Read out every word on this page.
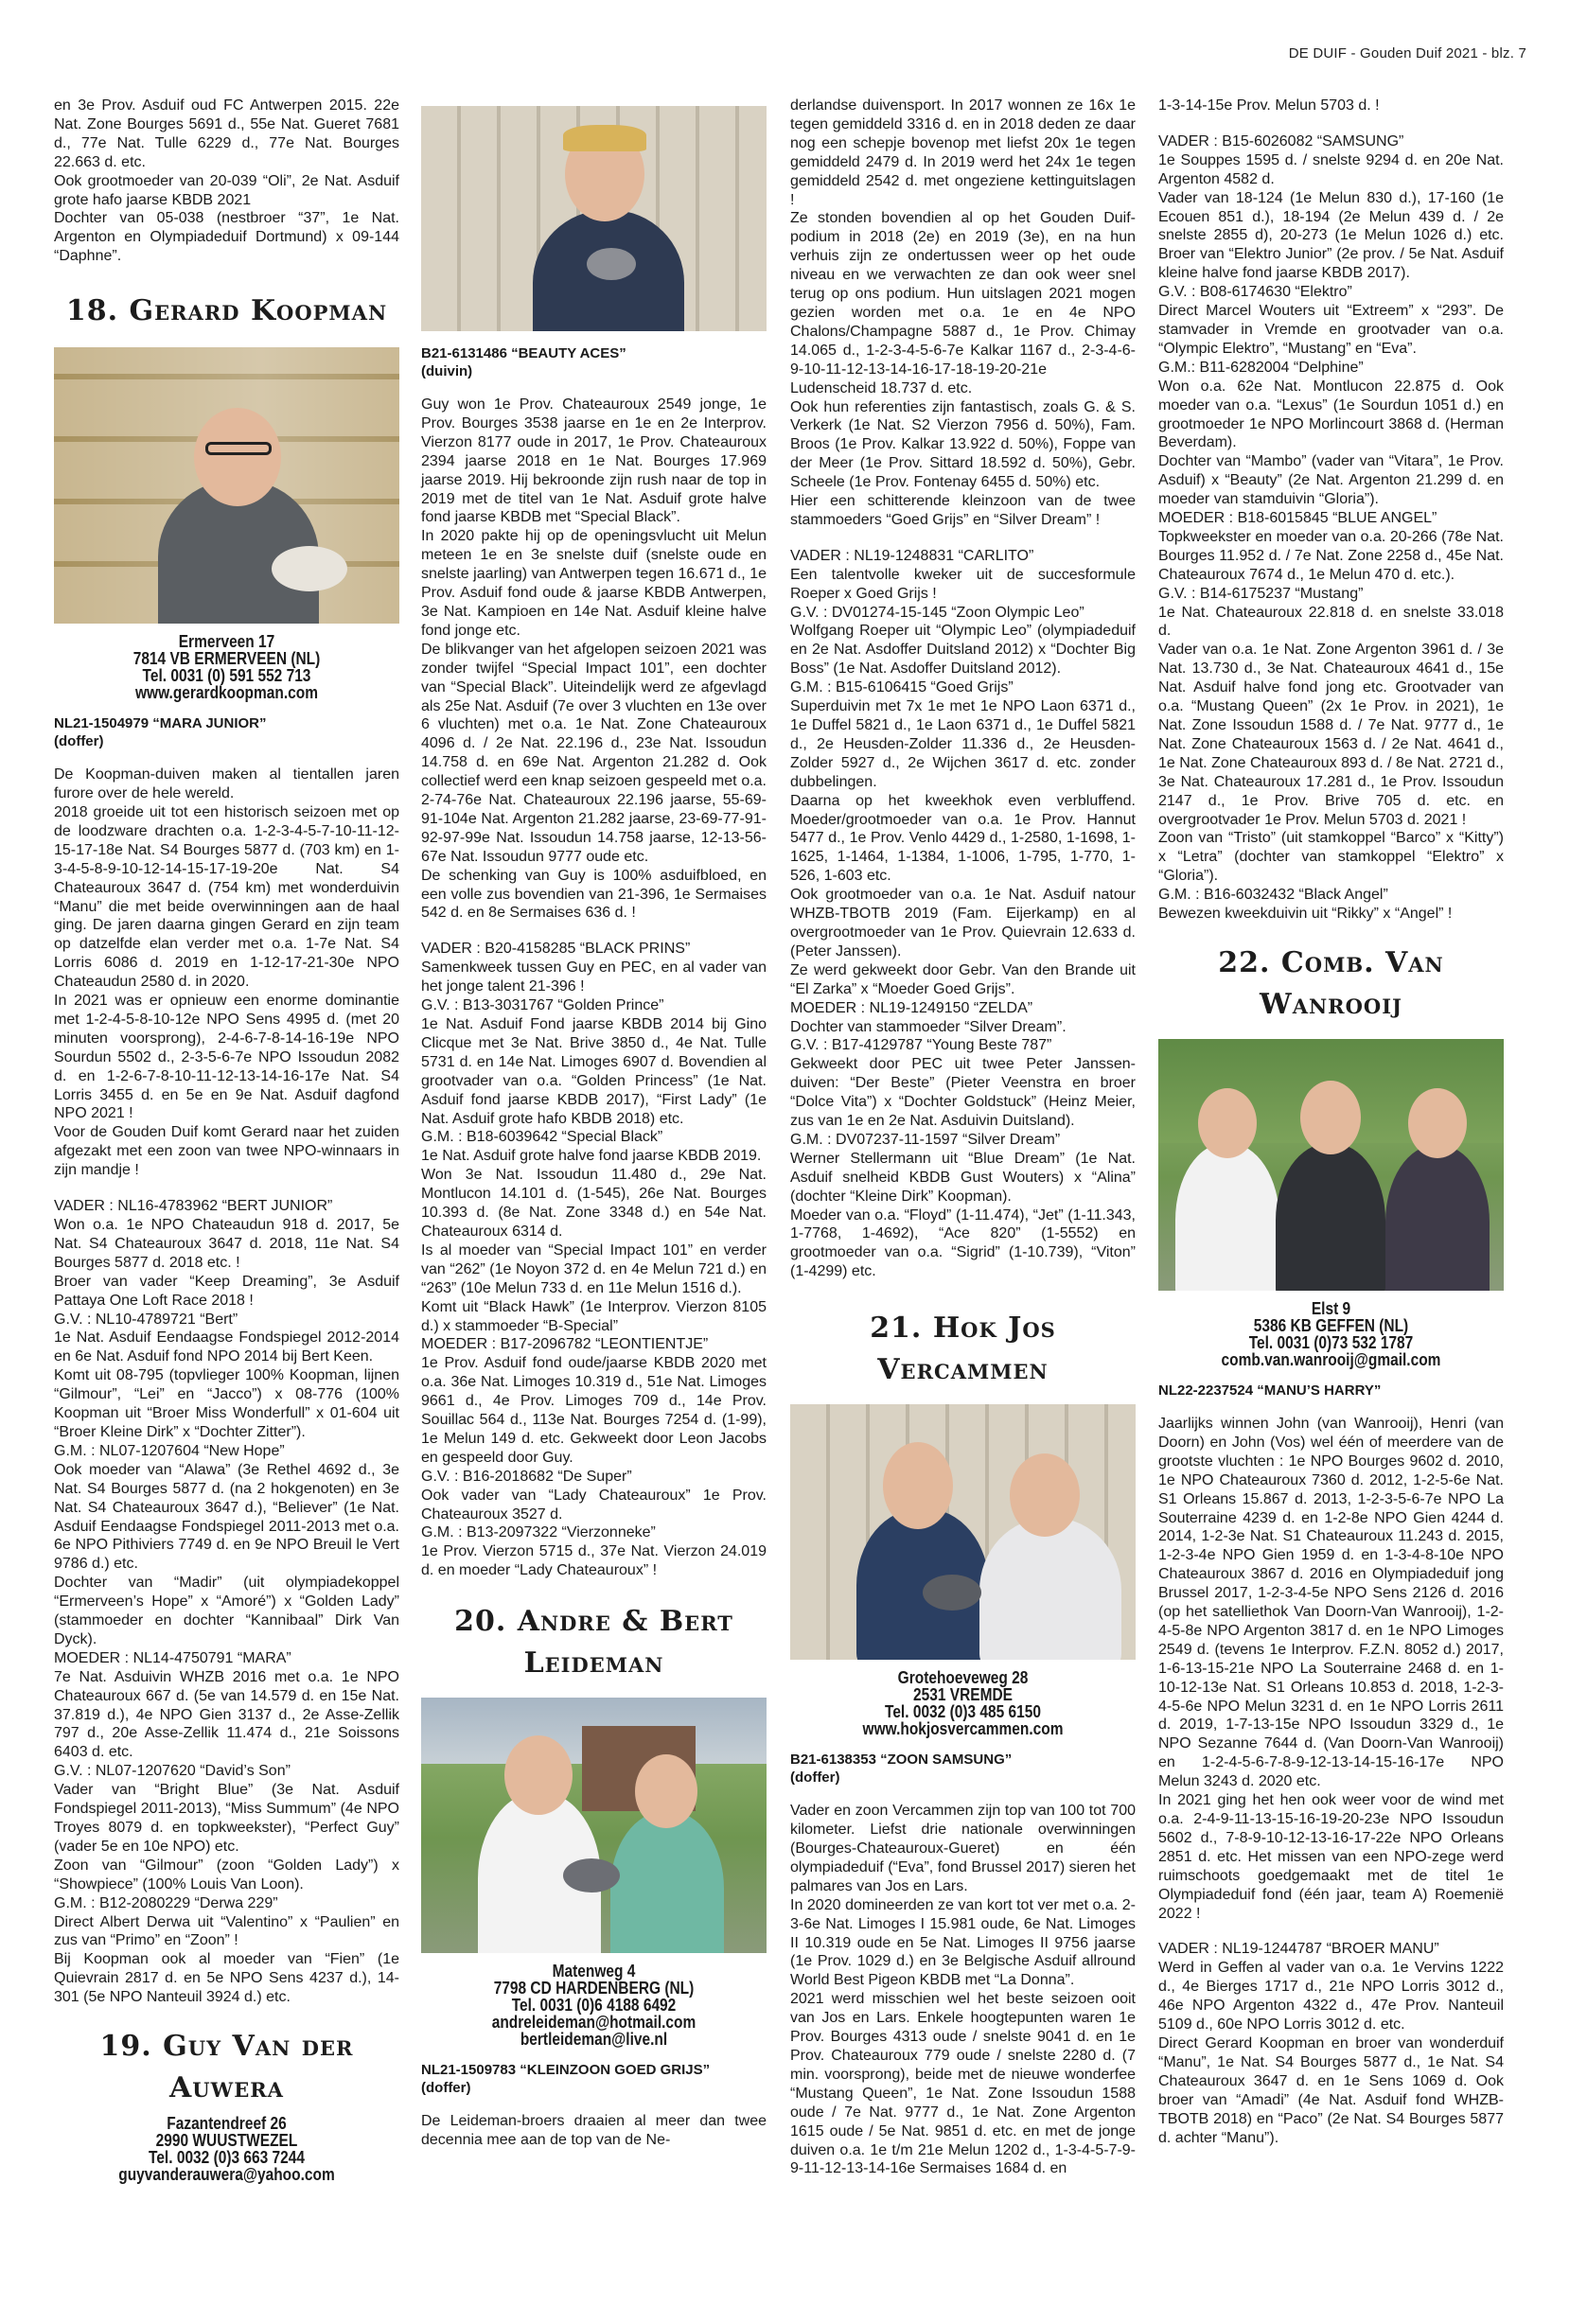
DE DUIF - Gouden Duif 2021 - blz. 7
en 3e Prov. Asduif oud FC Antwerpen 2015. 22e Nat. Zone Bourges 5691 d., 55e Nat. Gueret 7681 d., 77e Nat. Tulle 6229 d., 77e Nat. Bourges 22.663 d. etc.
Ook grootmoeder van 20-039 “Oli”, 2e Nat. Asduif grote hafo jaarse KBDB 2021
Dochter van 05-038 (nestbroer “37”, 1e Nat. Argenton en Olympiadeduif Dortmund) x 09-144 “Daphne”.
18. Gerard Koopman
Ermerveen 17
7814 VB ERMERVEEN (NL)
Tel. 0031 (0) 591 552 713
www.gerardkoopman.com
NL21-1504979 “MARA JUNIOR”
(doffer)
De Koopman-duiven maken al tientallen jaren furore over de hele wereld.
2018 groeide uit tot een historisch seizoen met op de loodzware drachten o.a. 1-2-3-4-5-7-10-11-12-15-17-18e Nat. S4 Bourges 5877 d. (703 km) en 1-3-4-5-8-9-10-12-14-15-17-19-20e Nat. S4 Chateauroux 3647 d. (754 km) met wonderduivin “Manu” die met beide overwinningen aan de haal ging. De jaren daarna gingen Gerard en zijn team op datzelfde elan verder met o.a. 1-7e Nat. S4 Lorris 6086 d. 2019 en 1-12-17-21-30e NPO Chateaudun 2580 d. in 2020.
In 2021 was er opnieuw een enorme dominantie met 1-2-4-5-8-10-12e NPO Sens 4995 d. (met 20 minuten voorsprong), 2-4-6-7-8-14-16-19e NPO Sourdun 5502 d., 2-3-5-6-7e NPO Issoudun 2082 d. en 1-2-6-7-8-10-11-12-13-14-16-17e Nat. S4 Lorris 3455 d. en 5e en 9e Nat. Asduif dagfond NPO 2021 !
Voor de Gouden Duif komt Gerard naar het zuiden afgezakt met een zoon van twee NPO-winnaars in zijn mandje !
VADER : NL16-4783962 “BERT JUNIOR”
Won o.a. 1e NPO Chateaudun 918 d. 2017, 5e Nat. S4 Chateauroux 3647 d. 2018, 11e Nat. S4 Bourges 5877 d. 2018 etc. !
Broer van vader “Keep Dreaming”, 3e Asduif Pattaya One Loft Race 2018 !
G.V. : NL10-4789721 “Bert”
1e Nat. Asduif Eendaagse Fondspiegel 2012-2014 en 6e Nat. Asduif fond NPO 2014 bij Bert Keen.
Komt uit 08-795 (topvlieger 100% Koopman, lijnen “Gilmour”, “Lei” en “Jacco”) x 08-776 (100% Koopman uit “Broer Miss Wonderfull” x 01-604 uit “Broer Kleine Dirk” x “Dochter Zitter”).
G.M. : NL07-1207604 “New Hope”
Ook moeder van “Alawa” (3e Rethel 4692 d., 3e Nat. S4 Bourges 5877 d. (na 2 hokgenoten) en 3e Nat. S4 Chateauroux 3647 d.), “Believer” (1e Nat. Asduif Eendaagse Fondspiegel 2011-2013 met o.a. 6e NPO Pithiviers 7749 d. en 9e NPO Breuil le Vert 9786 d.) etc.
Dochter van “Madir” (uit olympiadekoppel “Ermerveen’s Hope” x “Amoré”) x “Golden Lady” (stammoeder en dochter “Kannibaal” Dirk Van Dyck).
MOEDER : NL14-4750791 “MARA”
7e Nat. Asduivin WHZB 2016 met o.a. 1e NPO Chateauroux 667 d. (5e van 14.579 d. en 15e Nat. 37.819 d.), 4e NPO Gien 3137 d., 2e Asse-Zellik 797 d., 20e Asse-Zellik 11.474 d., 21e Soissons 6403 d. etc.
G.V. : NL07-1207620 “David’s Son”
Vader van “Bright Blue” (3e Nat. Asduif Fondspiegel 2011-2013), “Miss Summum” (4e NPO Troyes 8079 d. en topkweekster), “Perfect Guy” (vader 5e en 10e NPO) etc.
Zoon van “Gilmour” (zoon “Golden Lady”) x “Showpiece” (100% Louis Van Loon).
G.M. : B12-2080229 “Derwa 229”
Direct Albert Derwa uit “Valentino” x “Paulien” en zus van “Primo” en “Zoon” !
Bij Koopman ook al moeder van “Fien” (1e Quievrain 2817 d. en 5e NPO Sens 4237 d.), 14-301 (5e NPO Nanteuil 3924 d.) etc.
19. Guy Van der Auwera
Fazantendreef 26
2990 WUUSTWEZEL
Tel. 0032 (0)3 663 7244
guyvanderauwera@yahoo.com
B21-6131486 “BEAUTY ACES”
(duivin)
Guy won 1e Prov. Chateauroux 2549 jonge, 1e Prov. Bourges 3538 jaarse en 1e en 2e Interprov. Vierzon 8177 oude in 2017, 1e Prov. Chateauroux 2394 jaarse 2018 en 1e Nat. Bourges 17.969 jaarse 2019. Hij bekroonde zijn rush naar de top in 2019 met de titel van 1e Nat. Asduif grote halve fond jaarse KBDB met “Special Black”.
In 2020 pakte hij op de openingsvlucht uit Melun meteen 1e en 3e snelste duif (snelste oude en snelste jaarling) van Antwerpen tegen 16.671 d., 1e Prov. Asduif fond oude & jaarse KBDB Antwerpen, 3e Nat. Kampioen en 14e Nat. Asduif kleine halve fond jonge etc.
De blikvanger van het afgelopen seizoen 2021 was zonder twijfel “Special Impact 101”, een dochter van “Special Black”. Uiteindelijk werd ze afgevlagd als 25e Nat. Asduif (7e over 3 vluchten en 13e over 6 vluchten) met o.a. 1e Nat. Zone Chateauroux 4096 d. / 2e Nat. 22.196 d., 23e Nat. Issoudun 14.758 d. en 69e Nat. Argenton 21.282 d. Ook collectief werd een knap seizoen gespeeld met o.a. 2-74-76e Nat. Chateauroux 22.196 jaarse, 55-69-91-104e Nat. Argenton 21.282 jaarse, 23-69-77-91-92-97-99e Nat. Issoudun 14.758 jaarse, 12-13-56-67e Nat. Issoudun 9777 oude etc.
De schenking van Guy is 100% asduifbloed, en een volle zus bovendien van 21-396, 1e Sermaises 542 d. en 8e Sermaises 636 d. !
VADER : B20-4158285 “BLACK PRINS”
Samenkweek tussen Guy en PEC, en al vader van het jonge talent 21-396 !
G.V. : B13-3031767 “Golden Prince”
1e Nat. Asduif Fond jaarse KBDB 2014 bij Gino Clicque met 3e Nat. Brive 3850 d., 4e Nat. Tulle 5731 d. en 14e Nat. Limoges 6907 d. Bovendien al grootvader van o.a. “Golden Princess” (1e Nat. Asduif fond jaarse KBDB 2017), “First Lady” (1e Nat. Asduif grote hafo KBDB 2018) etc.
G.M. : B18-6039642 “Special Black”
1e Nat. Asduif grote halve fond jaarse KBDB 2019.
Won 3e Nat. Issoudun 11.480 d., 29e Nat. Montlucon 14.101 d. (1-545), 26e Nat. Bourges 10.393 d. (8e Nat. Zone 3348 d.) en 54e Nat. Chateauroux 6314 d.
Is al moeder van “Special Impact 101” en verder van “262” (1e Noyon 372 d. en 4e Melun 721 d.) en “263” (10e Melun 733 d. en 11e Melun 1516 d.).
Komt uit “Black Hawk” (1e Interprov. Vierzon 8105 d.) x stammoeder “B-Special”
MOEDER : B17-2096782 “LEONTIENTJE”
1e Prov. Asduif fond oude/jaarse KBDB 2020 met o.a. 36e Nat. Limoges 10.319 d., 51e Nat. Limoges 9661 d., 4e Prov. Limoges 709 d., 14e Prov. Souillac 564 d., 113e Nat. Bourges 7254 d. (1-99), 1e Melun 149 d. etc. Gekweekt door Leon Jacobs en gespeeld door Guy.
G.V. : B16-2018682 “De Super”
Ook vader van “Lady Chateauroux” 1e Prov. Chateauroux 3527 d.
G.M. : B13-2097322 “Vierzonneke”
1e Prov. Vierzon 5715 d., 37e Nat. Vierzon 24.019 d. en moeder “Lady Chateauroux” !
20. Andre & Bert Leideman
Matenweg 4
7798 CD HARDENBERG (NL)
Tel. 0031 (0)6 4188 6492
andreleideman@hotmail.com
bertleideman@live.nl
NL21-1509783 “KLEINZOON GOED GRIJS”
(doffer)
De Leideman-broers draaien al meer dan twee decennia mee aan de top van de Ne-
derlandse duivensport. In 2017 wonnen ze 16x 1e tegen gemiddeld 3316 d. en in 2018 deden ze daar nog een schepje bovenop met liefst 20x 1e tegen gemiddeld 2479 d. In 2019 werd het 24x 1e tegen gemiddeld 2542 d. met ongeziene kettinguitslagen !
Ze stonden bovendien al op het Gouden Duif-podium in 2018 (2e) en 2019 (3e), en na hun verhuis zijn ze ondertussen weer op het oude niveau en we verwachten ze dan ook weer snel terug op ons podium. Hun uitslagen 2021 mogen gezien worden met o.a. 1e en 4e NPO Chalons/Champagne 5887 d., 1e Prov. Chimay 14.065 d., 1-2-3-4-5-6-7e Kalkar 1167 d., 2-3-4-6-9-10-11-12-13-14-16-17-18-19-20-21e Ludenscheid 18.737 d. etc.
Ook hun referenties zijn fantastisch, zoals G. & S. Verkerk (1e Nat. S2 Vierzon 7956 d. 50%), Fam. Broos (1e Prov. Kalkar 13.922 d. 50%), Foppe van der Meer (1e Prov. Sittard 18.592 d. 50%), Gebr. Scheele (1e Prov. Fontenay 6455 d. 50%) etc.
Hier een schitterende kleinzoon van de twee stammoeders “Goed Grijs” en “Silver Dream” !
VADER : NL19-1248831 “CARLITO”
Een talentvolle kweker uit de succesformule Roeper x Goed Grijs !
G.V. : DV01274-15-145 “Zoon Olympic Leo”
Wolfgang Roeper uit “Olympic Leo” (olympiadeduif en 2e Nat. Asdoffer Duitsland 2012) x “Dochter Big Boss” (1e Nat. Asdoffer Duitsland 2012).
G.M. : B15-6106415 “Goed Grijs”
Superduivin met 7x 1e met 1e NPO Laon 6371 d., 1e Duffel 5821 d., 1e Laon 6371 d., 1e Duffel 5821 d., 2e Heusden-Zolder 11.336 d., 2e Heusden-Zolder 5927 d., 2e Wijchen 3617 d. etc. zonder dubbelingen.
Daarna op het kweekhok even verbluffend. Moeder/grootmoeder van o.a. 1e Prov. Hannut 5477 d., 1e Prov. Venlo 4429 d., 1-2580, 1-1698, 1-1625, 1-1464, 1-1384, 1-1006, 1-795, 1-770, 1-526, 1-603 etc.
Ook grootmoeder van o.a. 1e Nat. Asduif natour WHZB-TBOTB 2019 (Fam. Eijerkamp) en al overgrootmoeder van 1e Prov. Quievrain 12.633 d. (Peter Janssen).
Ze werd gekweekt door Gebr. Van den Brande uit “El Zarka” x “Moeder Goed Grijs”.
MOEDER : NL19-1249150 “ZELDA”
Dochter van stammoeder “Silver Dream”.
G.V. : B17-4129787 “Young Beste 787”
Gekweekt door PEC uit twee Peter Janssen-duiven: “Der Beste” (Pieter Veenstra en broer “Dolce Vita”) x “Dochter Goldstuck” (Heinz Meier, zus van 1e en 2e Nat. Asduivin Duitsland).
G.M. : DV07237-11-1597 “Silver Dream”
Werner Stellermann uit “Blue Dream” (1e Nat. Asduif snelheid KBDB Gust Wouters) x “Alina” (dochter “Kleine Dirk” Koopman).
Moeder van o.a. “Floyd” (1-11.474), “Jet” (1-11.343, 1-7768, 1-4692), “Ace 820” (1-5552) en grootmoeder van o.a. “Sigrid” (1-10.739), “Viton” (1-4299) etc.
21. Hok Jos Vercammen
Grotehoeveweg 28
2531 VREMDE
Tel. 0032 (0)3 485 6150
www.hokjosvercammen.com
B21-6138353 “ZOON SAMSUNG”
(doffer)
Vader en zoon Vercammen zijn top van 100 tot 700 kilometer. Liefst drie nationale overwinningen (Bourges-Chateauroux-Gueret) en één olympiadeduif (“Eva”, fond Brussel 2017) sieren het palmares van Jos en Lars.
In 2020 domineerden ze van kort tot ver met o.a. 2-3-6e Nat. Limoges I 15.981 oude, 6e Nat. Limoges II 10.319 oude en 5e Nat. Limoges II 9756 jaarse (1e Prov. 1029 d.) en 3e Belgische Asduif allround World Best Pigeon KBDB met “La Donna”.
2021 werd misschien wel het beste seizoen ooit van Jos en Lars. Enkele hoogtepunten waren 1e Prov. Bourges 4313 oude / snelste 9041 d. en 1e Prov. Chateauroux 779 oude / snelste 2280 d. (7 min. voorsprong), beide met de nieuwe wonderfee “Mustang Queen”, 1e Nat. Zone Issoudun 1588 oude / 7e Nat. 9777 d., 1e Nat. Zone Argenton 1615 oude / 5e Nat. 9851 d. etc. en met de jonge duiven o.a. 1e t/m 21e Melun 1202 d., 1-3-4-5-7-9-9-11-12-13-14-16e Sermaises 1684 d. en
1-3-14-15e Prov. Melun 5703 d. !
VADER : B15-6026082 “SAMSUNG”
1e Souppes 1595 d. / snelste 9294 d. en 20e Nat. Argenton 4582 d.
Vader van 18-124 (1e Melun 830 d.), 17-160 (1e Ecouen 851 d.), 18-194 (2e Melun 439 d. / 2e snelste 2855 d), 20-273 (1e Melun 1026 d.) etc. Broer van “Elektro Junior” (2e prov. / 5e Nat. Asduif kleine halve fond jaarse KBDB 2017).
G.V. : B08-6174630 “Elektro”
Direct Marcel Wouters uit “Extreem” x “293”. De stamvader in Vremde en grootvader van o.a. “Olympic Elektro”, “Mustang” en “Eva”.
G.M.: B11-6282004 “Delphine”
Won o.a. 62e Nat. Montlucon 22.875 d. Ook moeder van o.a. “Lexus” (1e Sourdun 1051 d.) en grootmoeder 1e NPO Morlincourt 3868 d. (Herman Beverdam).
Dochter van “Mambo” (vader van “Vitara”, 1e Prov. Asduif) x “Beauty” (2e Nat. Argenton 21.299 d. en moeder van stamduivin “Gloria”).
MOEDER : B18-6015845 “BLUE ANGEL”
Topkweekster en moeder van o.a. 20-266 (78e Nat. Bourges 11.952 d. / 7e Nat. Zone 2258 d., 45e Nat. Chateauroux 7674 d., 1e Melun 470 d. etc.).
G.V. : B14-6175237 “Mustang”
1e Nat. Chateauroux 22.818 d. en snelste 33.018 d.
Vader van o.a. 1e Nat. Zone Argenton 3961 d. / 3e Nat. 13.730 d., 3e Nat. Chateauroux 4641 d., 15e Nat. Asduif halve fond jong etc. Grootvader van o.a. “Mustang Queen” (2x 1e Prov. in 2021), 1e Nat. Zone Issoudun 1588 d. / 7e Nat. 9777 d., 1e Nat. Zone Chateauroux 1563 d. / 2e Nat. 4641 d., 1e Nat. Zone Chateauroux 893 d. / 8e Nat. 2721 d., 3e Nat. Chateauroux 17.281 d., 1e Prov. Issoudun 2147 d., 1e Prov. Brive 705 d. etc. en overgrootvader 1e Prov. Melun 5703 d. 2021 !
Zoon van “Tristo” (uit stamkoppel “Barco” x “Kitty”) x “Letra” (dochter van stamkoppel “Elektro” x “Gloria”).
G.M. : B16-6032432 “Black Angel”
Bewezen kweekduivin uit “Rikky” x “Angel” !
22. Comb. Van Wanrooij
Elst 9
5386 KB GEFFEN (NL)
Tel. 0031 (0)73 532 1787
comb.van.wanrooij@gmail.com
NL22-2237524 “MANU’S HARRY”
Jaarlijks winnen John (van Wanrooij), Henri (van Doorn) en John (Vos) wel één of meerdere van de grootste vluchten : 1e NPO Bourges 9602 d. 2010, 1e NPO Chateauroux 7360 d. 2012, 1-2-5-6e Nat. S1 Orleans 15.867 d. 2013, 1-2-3-5-6-7e NPO La Souterraine 4239 d. en 1-2-8e NPO Gien 4244 d. 2014, 1-2-3e Nat. S1 Chateauroux 11.243 d. 2015, 1-2-3-4e NPO Gien 1959 d. en 1-3-4-8-10e NPO Chateauroux 3867 d. 2016 en Olympiadeduif jong Brussel 2017, 1-2-3-4-5e NPO Sens 2126 d. 2016 (op het satelliethok Van Doorn-Van Wanrooij), 1-2-4-5-8e NPO Argenton 3817 d. en 1e NPO Limoges 2549 d. (tevens 1e Interprov. F.Z.N. 8052 d.) 2017, 1-6-13-15-21e NPO La Souterraine 2468 d. en 1-10-12-13e Nat. S1 Orleans 10.853 d. 2018, 1-2-3-4-5-6e NPO Melun 3231 d. en 1e NPO Lorris 2611 d. 2019, 1-7-13-15e NPO Issoudun 3329 d., 1e NPO Sezanne 7644 d. (Van Doorn-Van Wanrooij) en 1-2-4-5-6-7-8-9-12-13-14-15-16-17e NPO Melun 3243 d. 2020 etc.
In 2021 ging het hen ook weer voor de wind met o.a. 2-4-9-11-13-15-16-19-20-23e NPO Issoudun 5602 d., 7-8-9-10-12-13-16-17-22e NPO Orleans 2851 d. etc. Het missen van een NPO-zege werd ruimschoots goedgemaakt met de titel 1e Olympiadeduif fond (één jaar, team A) Roemenië 2022 !
VADER : NL19-1244787 “BROER MANU”
Werd in Geffen al vader van o.a. 1e Vervins 1222 d., 4e Bierges 1717 d., 21e NPO Lorris 3012 d., 46e NPO Argenton 4322 d., 47e Prov. Nanteuil 5109 d., 60e NPO Lorris 3012 d. etc.
Direct Gerard Koopman en broer van wonderduif “Manu”, 1e Nat. S4 Bourges 5877 d., 1e Nat. S4 Chateauroux 3647 d. en 1e Sens 1069 d. Ook broer van “Amadi” (4e Nat. Asduif fond WHZB-TBOTB 2018) en “Paco” (2e Nat. S4 Bourges 5877 d. achter “Manu”).
